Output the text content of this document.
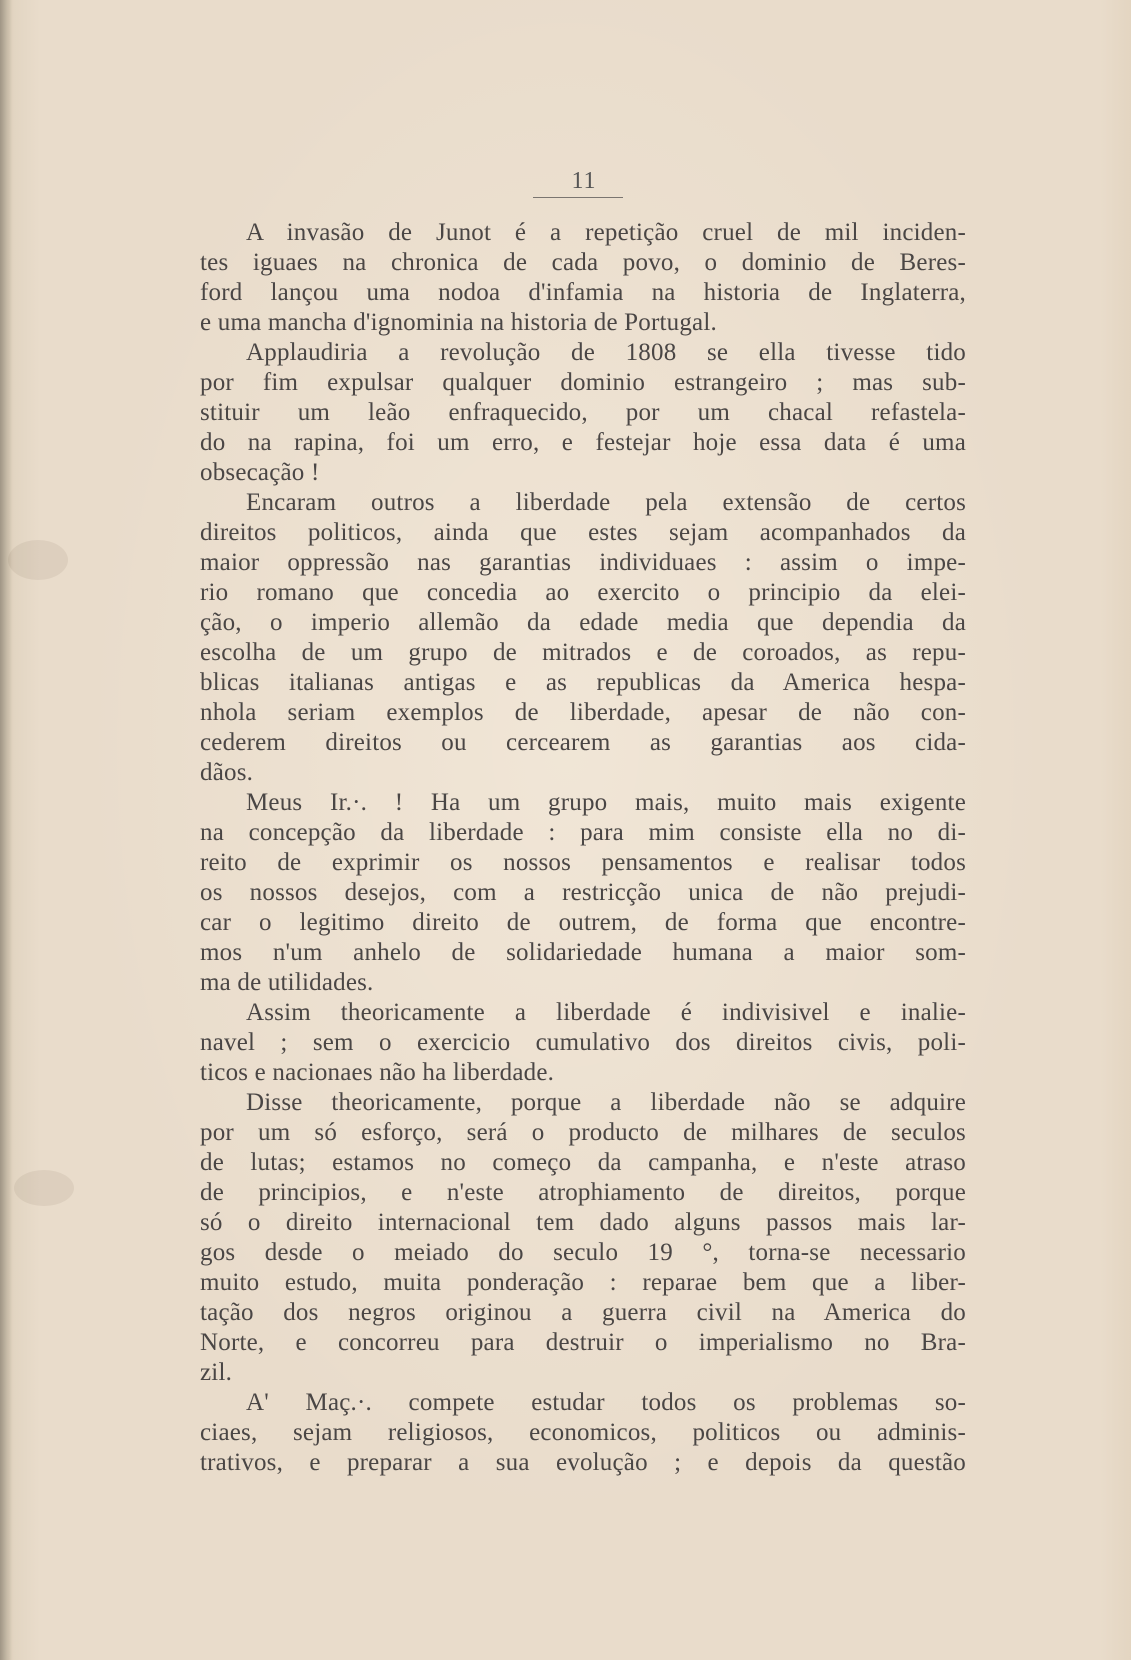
11
A invasão de Junot é a repetição cruel de mil inciden-
tes iguaes na chronica de cada povo, o dominio de Beres-
ford lançou uma nodoa d'infamia na historia de Inglaterra,
e uma mancha d'ignominia na historia de Portugal.
Applaudiria a revolução de 1808 se ella tivesse tido
por fim expulsar qualquer dominio estrangeiro ; mas sub-
stituir um leão enfraquecido, por um chacal refastela-
do na rapina, foi um erro, e festejar hoje essa data é uma
obsecação !
Encaram outros a liberdade pela extensão de certos
direitos politicos, ainda que estes sejam acompanhados da
maior oppressão nas garantias individuaes : assim o impe-
rio romano que concedia ao exercito o principio da elei-
ção, o imperio allemão da edade media que dependia da
escolha de um grupo de mitrados e de coroados, as repu-
blicas italianas antigas e as republicas da America hespa-
nhola seriam exemplos de liberdade, apesar de não con-
cederem direitos ou cercearem as garantias aos cida-
dãos.
Meus Ir.·. ! Ha um grupo mais, muito mais exigente
na concepção da liberdade : para mim consiste ella no di-
reito de exprimir os nossos pensamentos e realisar todos
os nossos desejos, com a restricção unica de não prejudi-
car o legitimo direito de outrem, de forma que encontre-
mos n'um anhelo de solidariedade humana a maior som-
ma de utilidades.
Assim theoricamente a liberdade é indivisivel e inalie-
navel ; sem o exercicio cumulativo dos direitos civis, poli-
ticos e nacionaes não ha liberdade.
Disse theoricamente, porque a liberdade não se adquire
por um só esforço, será o producto de milhares de seculos
de lutas; estamos no começo da campanha, e n'este atraso
de principios, e n'este atrophiamento de direitos, porque
só o direito internacional tem dado alguns passos mais lar-
gos desde o meiado do seculo 19 °, torna-se necessario
muito estudo, muita ponderação : reparae bem que a liber-
tação dos negros originou a guerra civil na America do
Norte, e concorreu para destruir o imperialismo no Bra-
zil.
A' Maç.·. compete estudar todos os problemas so-
ciaes, sejam religiosos, economicos, politicos ou adminis-
trativos, e preparar a sua evolução ; e depois da questão
